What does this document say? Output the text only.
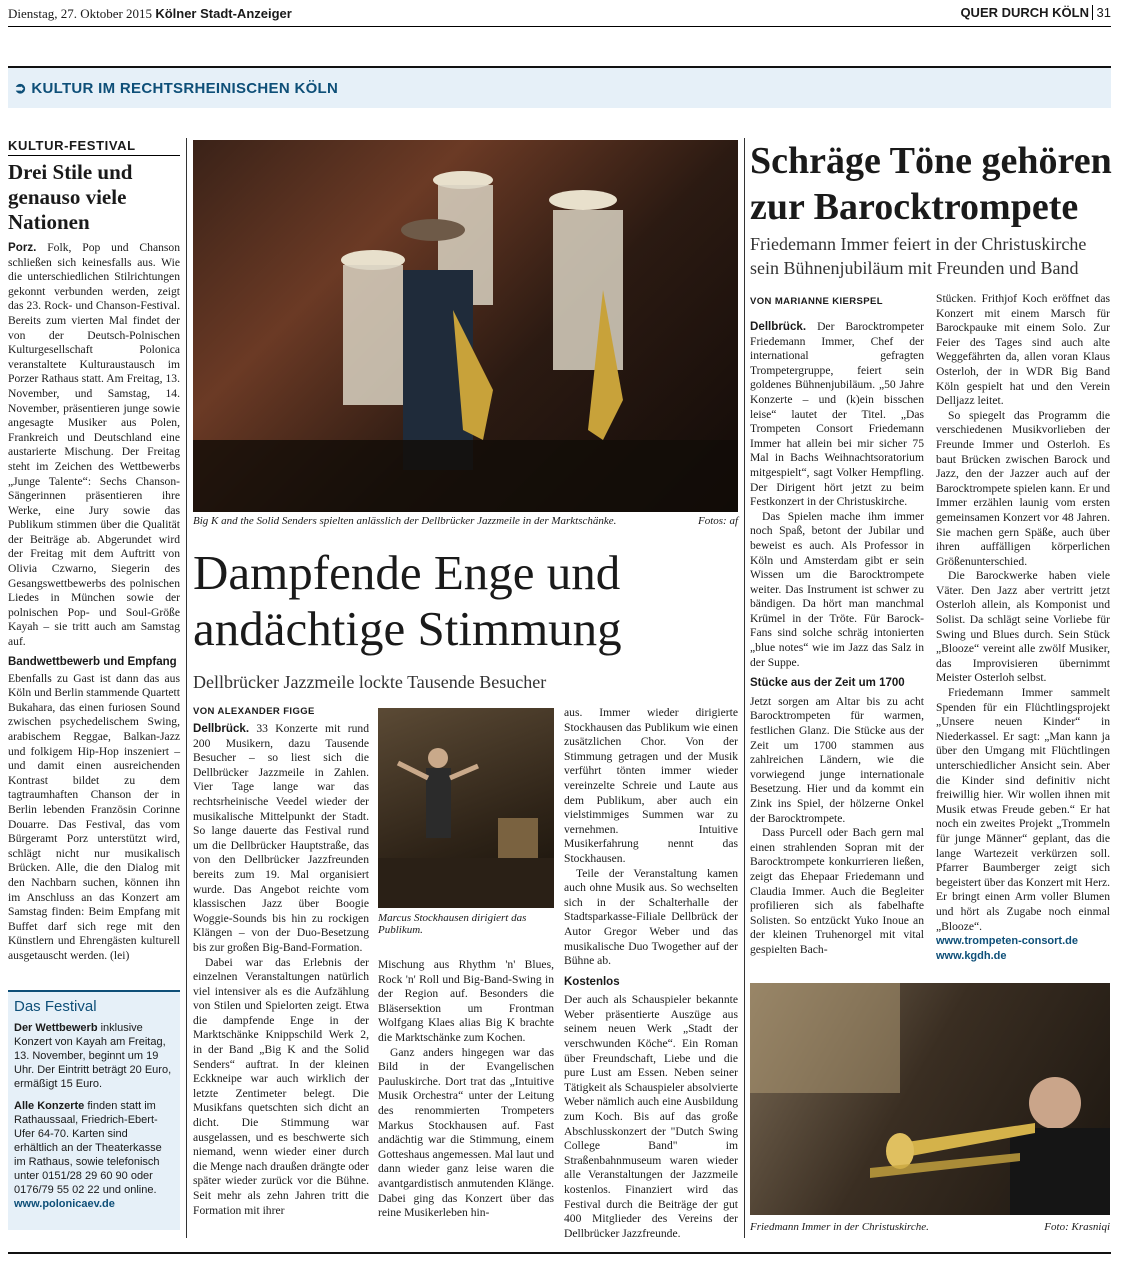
Dienstag, 27. Oktober 2015 Kölner Stadt-Anzeiger	QUER DURCH KÖLN 31
➲ KULTUR IM RECHTSRHEINISCHEN KÖLN
KULTUR-FESTIVAL
Drei Stile und genauso viele Nationen

Porz. Folk, Pop und Chanson schließen sich keinesfalls aus. Wie die unterschiedlichen Stilrichtungen gekonnt verbunden werden, zeigt das 23. Rock- und Chanson-Festival. Bereits zum vierten Mal findet der von der Deutsch-Polnischen Kulturgesellschaft Polonica veranstaltete Kulturaustausch im Porzer Rathaus statt. Am Freitag, 13. November, und Samstag, 14. November, präsentieren junge sowie angesagte Musiker aus Polen, Frankreich und Deutschland eine austarierte Mischung. Der Freitag steht im Zeichen des Wettbewerbs „Junge Talente“: Sechs Chanson-Sängerinnen präsentieren ihre Werke, eine Jury sowie das Publikum stimmen über die Qualität der Beiträge ab. Abgerundet wird der Freitag mit dem Auftritt von Olivia Czwarno, Siegerin des Gesangswettbewerbs des polnischen Liedes in München sowie der polnischen Pop- und Soul-Größe Kayah – sie tritt auch am Samstag auf.

Bandwettbewerb und Empfang

Ebenfalls zu Gast ist dann das aus Köln und Berlin stammende Quartett Bukahara, das einen furiosen Sound zwischen psychedelischem Swing, arabischem Reggae, Balkan-Jazz und folkigem Hip-Hop inszeniert – und damit einen ausreichenden Kontrast bildet zu dem tagtraumhaften Chanson der in Berlin lebenden Französin Corinne Douarre. Das Festival, das vom Bürgeramt Porz unterstützt wird, schlägt nicht nur musikalisch Brücken. Alle, die den Dialog mit den Nachbarn suchen, können ihn im Anschluss an das Konzert am Samstag finden: Beim Empfang mit Buffet darf sich rege mit den Künstlern und Ehrengästen kulturell ausgetauscht werden. (lei)

Das Festival

Der Wettbewerb inklusive Konzert von Kayah am Freitag, 13. November, beginnt um 19 Uhr. Der Eintritt beträgt 20 Euro, ermäßigt 15 Euro.

Alle Konzerte finden statt im Rathaussaal, Friedrich-Ebert-Ufer 64-70. Karten sind erhältlich an der Theaterkasse im Rathaus, sowie telefonisch unter 0151/28 29 60 90 oder 0176/79 55 02 22 und online.
www.polonicaev.de

Big K and the Solid Senders spielten anlässlich der Dellbrücker Jazzmeile in der Marktschänke.	Fotos: af
Dampfende Enge und andächtige Stimmung
Dellbrücker Jazzmeile lockte Tausende Besucher
VON ALEXANDER FIGGE

Dellbrück. 33 Konzerte mit rund 200 Musikern, dazu Tausende Besucher – so liest sich die Dellbrücker Jazzmeile in Zahlen. Vier Tage lange war das rechtsrheinische Veedel wieder der musikalische Mittelpunkt der Stadt. So lange dauerte das Festival rund um die Dellbrücker Hauptstraße, das von den Dellbrücker Jazzfreunden bereits zum 19. Mal organisiert wurde. Das Angebot reichte vom klassischen Jazz über Boogie Woggie-Sounds bis hin zu rockigen Klängen – von der Duo-Besetzung bis zur großen Big-Band-Formation.

Dabei war das Erlebnis der einzelnen Veranstaltungen natürlich viel intensiver als es die Aufzählung von Stilen und Spielorten zeigt. Etwa die dampfende Enge in der Marktschänke Knippschild Werk 2, in der Band „Big K and the Solid Senders“ auftrat. In der kleinen Eckkneipe war auch wirklich der letzte Zentimeter belegt. Die Musikfans quetschten sich dicht an dicht. Die Stimmung war ausgelassen, und es beschwerte sich niemand, wenn wieder einer durch die Menge nach draußen drängte oder später wieder zurück vor die Bühne. Seit mehr als zehn Jahren tritt die Formation mit ihrer

Marcus Stockhausen dirigiert das Publikum.

Mischung aus Rhythm 'n' Blues, Rock 'n' Roll und Big-Band-Swing in der Region auf. Besonders die Bläsersektion um Frontman Wolfgang Klaes alias Big K brachte die Marktschänke zum Kochen.

Ganz anders hingegen war das Bild in der Evangelischen Pauluskirche. Dort trat das „Intuitive Musik Orchestra“ unter der Leitung des renommierten Trompeters Markus Stockhausen auf. Fast andächtig war die Stimmung, einem Gotteshaus angemessen. Mal laut und dann wieder ganz leise waren die avantgardistisch anmutenden Klänge. Dabei ging das Konzert über das reine Musikerleben hin-

aus. Immer wieder dirigierte Stockhausen das Publikum wie einen zusätzlichen Chor. Von der Stimmung getragen und der Musik verführt tönten immer wieder vereinzelte Schreie und Laute aus dem Publikum, aber auch ein vielstimmiges Summen war zu vernehmen. Intuitive Musikerfahrung nennt das Stockhausen.

Teile der Veranstaltung kamen auch ohne Musik aus. So wechselten sich in der Schalterhalle der Stadtsparkasse-Filiale Dellbrück der Autor Gregor Weber und das musikalische Duo Twogether auf der Bühne ab.

Kostenlos

Der auch als Schauspieler bekannte Weber präsentierte Auszüge aus seinem neuen Werk „Stadt der verschwunden Köche“. Ein Roman über Freundschaft, Liebe und die pure Lust am Essen. Neben seiner Tätigkeit als Schauspieler absolvierte Weber nämlich auch eine Ausbildung zum Koch. Bis auf das große Abschlusskonzert der "Dutch Swing College Band" im Straßenbahnmuseum waren wieder alle Veranstaltungen der Jazzmeile kostenlos. Finanziert wird das Festival durch die Beiträge der gut 400 Mitglieder des Vereins der Dellbrücker Jazzfreunde.

Schräge Töne gehören zur Barocktrompete
Friedemann Immer feiert in der Christuskirche sein Bühnenjubiläum mit Freunden und Band
VON MARIANNE KIERSPEL

Dellbrück. Der Barocktrompeter Friedemann Immer, Chef der international gefragten Trompetergruppe, feiert sein goldenes Bühnenjubiläum. „50 Jahre Konzerte – und (k)ein bisschen leise“ lautet der Titel. „Das Trompeten Consort Friedemann Immer hat allein bei mir sicher 75 Mal in Bachs Weihnachtsoratorium mitgespielt“, sagt Volker Hempfling. Der Dirigent hört jetzt zu beim Festkonzert in der Christuskirche.

Das Spielen mache ihm immer noch Spaß, betont der Jubilar und beweist es auch. Als Professor in Köln und Amsterdam gibt er sein Wissen um die Barocktrompete weiter. Das Instrument ist schwer zu bändigen. Da hört man manchmal Krümel in der Tröte. Für Barock-Fans sind solche schräg intonierten „blue notes“ wie im Jazz das Salz in der Suppe.

Stücke aus der Zeit um 1700

Jetzt sorgen am Altar bis zu acht Barocktrompeten für warmen, festlichen Glanz. Die Stücke aus der Zeit um 1700 stammen aus zahlreichen Ländern, wie die vorwiegend junge internationale Besetzung. Hier und da kommt ein Zink ins Spiel, der hölzerne Onkel der Barocktrompete.

Dass Purcell oder Bach gern mal einen strahlenden Sopran mit der Barocktrompete konkurrieren ließen, zeigt das Ehepaar Friedemann und Claudia Immer. Auch die Begleiter profilieren sich als fabelhafte Solisten. So entzückt Yuko Inoue an der kleinen Truhenorgel mit vital gespielten Bach-

Stücken. Frithjof Koch eröffnet das Konzert mit einem Marsch für Barockpauke mit einem Solo. Zur Feier des Tages sind auch alte Weggefährten da, allen voran Klaus Osterloh, der in WDR Big Band Köln gespielt hat und den Verein Delljazz leitet.

So spiegelt das Programm die verschiedenen Musikvorlieben der Freunde Immer und Osterloh. Es baut Brücken zwischen Barock und Jazz, den der Jazzer auch auf der Barocktrompete spielen kann. Er und Immer erzählen launig vom ersten gemeinsamen Konzert vor 48 Jahren. Sie machen gern Späße, auch über ihren auffälligen körperlichen Größenunterschied.

Die Barockwerke haben viele Väter. Den Jazz aber vertritt jetzt Osterloh allein, als Komponist und Solist. Da schlägt seine Vorliebe für Swing und Blues durch. Sein Stück „Blooze“ vereint alle zwölf Musiker, das Improvisieren übernimmt Meister Osterloh selbst.

Friedemann Immer sammelt Spenden für ein Flüchtlingsprojekt „Unsere neuen Kinder“ in Niederkassel. Er sagt: „Man kann ja über den Umgang mit Flüchtlingen unterschiedlicher Ansicht sein. Aber die Kinder sind definitiv nicht freiwillig hier. Wir wollen ihnen mit Musik etwas Freude geben.“ Er hat noch ein zweites Projekt „Trommeln für junge Männer“ geplant, das die lange Wartezeit verkürzen soll. Pfarrer Baumberger zeigt sich begeistert über das Konzert mit Herz. Er bringt einen Arm voller Blumen und hört als Zugabe noch einmal „Blooze“.

www.trompeten-consort.de

www.kgdh.de

Friedmann Immer in der Christuskirche.	Foto: Krasniqi
